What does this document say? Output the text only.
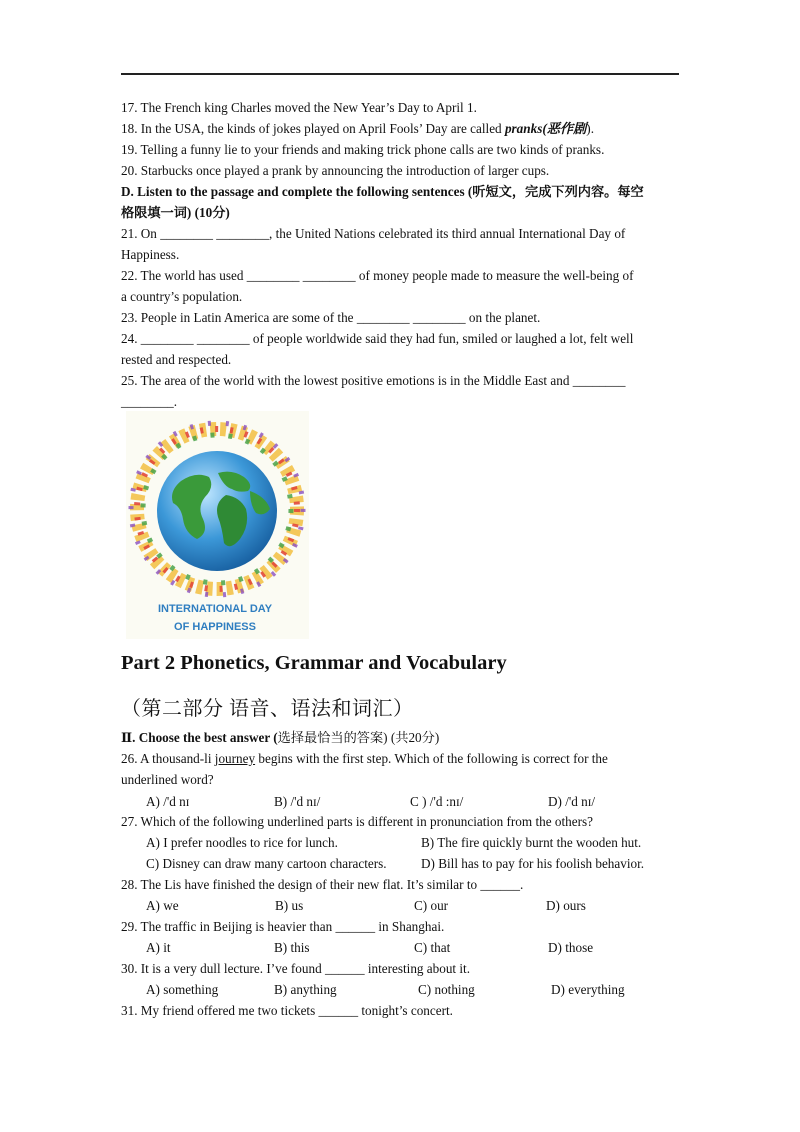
17. The French king Charles moved the New Year’s Day to April 1.
18. In the USA, the kinds of jokes played on April Fools’ Day are called pranks(恶作剧).
19. Telling a funny lie to your friends and making trick phone calls are two kinds of pranks.
20. Starbucks once played a prank by announcing the introduction of larger cups.
D. Listen to the passage and complete the following sentences (听短文，完成下列内容。每空
格限填一词) (10分)
21. On ________ ________, the United Nations celebrated its third annual International Day of
Happiness.
22. The world has used ________ ________ of money people made to measure the well-being of
a country’s population.
23. People in Latin America are some of the ________ ________ on the planet.
24. ________ ________ of people worldwide said they had fun, smiled or laughed a lot, felt well
rested and respected.
25. The area of the world with the lowest positive emotions is in the Middle East and ________
________.
INTERNATIONAL DAY
OF HAPPINESS
Part 2 Phonetics, Grammar and Vocabulary
（第二部分 语音、语法和词汇）
Ⅱ. Choose the best answer (选择最恰当的答案) (共20分)
26. A thousand-li journey begins with the first step. Which of the following is correct for the
underlined word?
A) /'d nɪ	B) /'d nɪ/	C ) /'d :nɪ/	D) /'d nɪ/
27. Which of the following underlined parts is different in pronunciation from the others?
A) I prefer noodles to rice for lunch.	B) The fire quickly burnt the wooden hut.
C) Disney can draw many cartoon characters.	D) Bill has to pay for his foolish behavior.
28. The Lis have finished the design of their new flat. It’s similar to ______.
A) we	B) us	C) our	D) ours
29. The traffic in Beijing is heavier than ______ in Shanghai.
A) it	B) this	C) that	D) those
30. It is a very dull lecture. I’ve found ______ interesting about it.
A) something	B) anything	C) nothing	D) everything
31. My friend offered me two tickets ______ tonight’s concert.
